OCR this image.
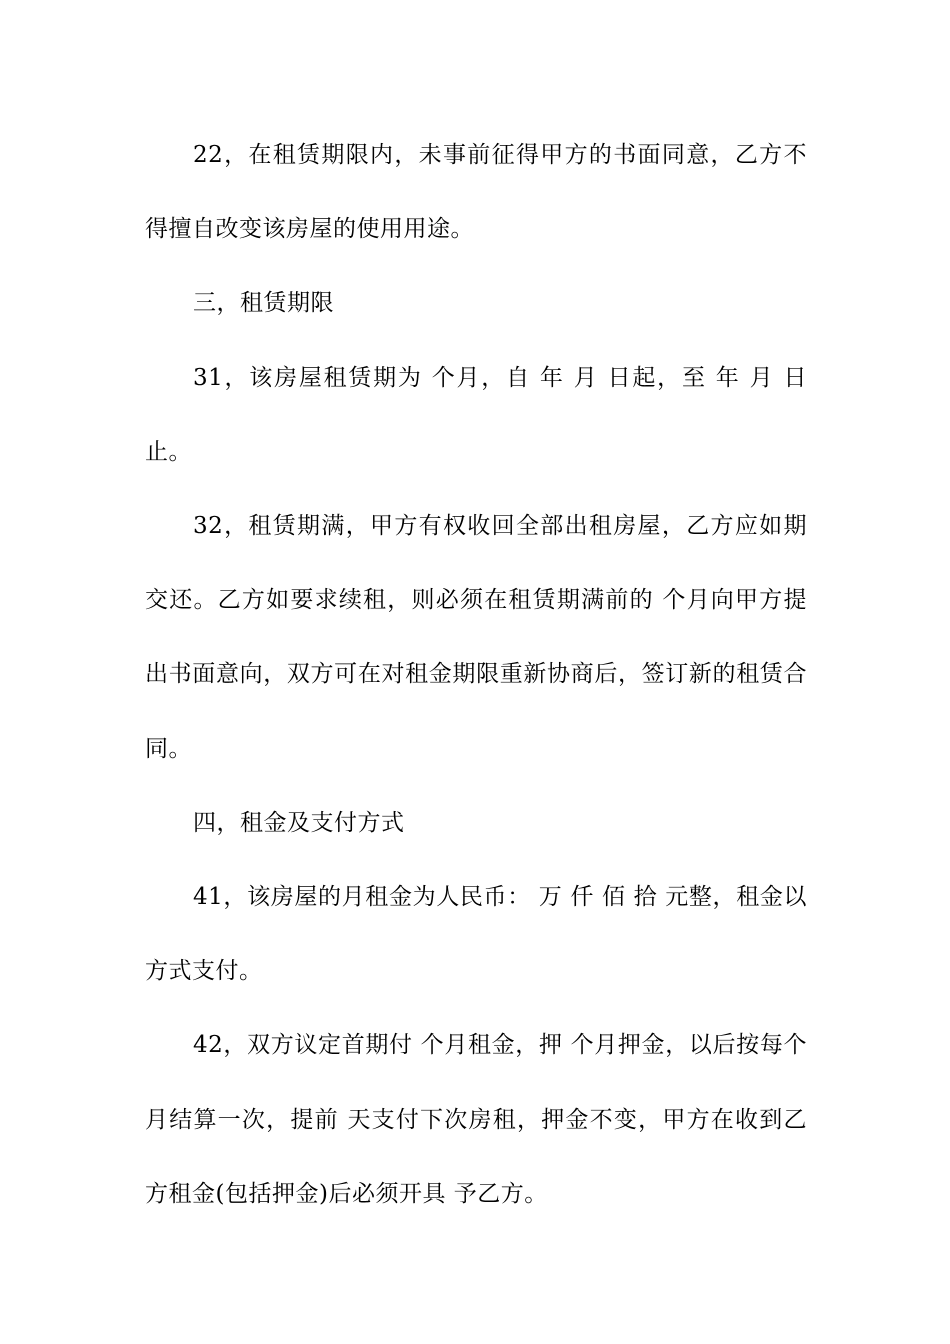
22，在租赁期限内，未事前征得甲方的书面同意，乙方不得擅自改变该房屋的使用用途。

三，租赁期限

31，该房屋租赁期为 个月，自 年 月 日起，至 年 月 日止。

32，租赁期满，甲方有权收回全部出租房屋，乙方应如期交还。乙方如要求续租，则必须在租赁期满前的 个月向甲方提出书面意向，双方可在对租金期限重新协商后，签订新的租赁合同。

四，租金及支付方式

41，该房屋的月租金为人民币： 万 仟 佰 拾 元整，租金以 方式支付。

42，双方议定首期付 个月租金，押 个月押金，以后按每个月结算一次，提前 天支付下次房租，押金不变，甲方在收到乙方租金(包括押金)后必须开具 予乙方。
